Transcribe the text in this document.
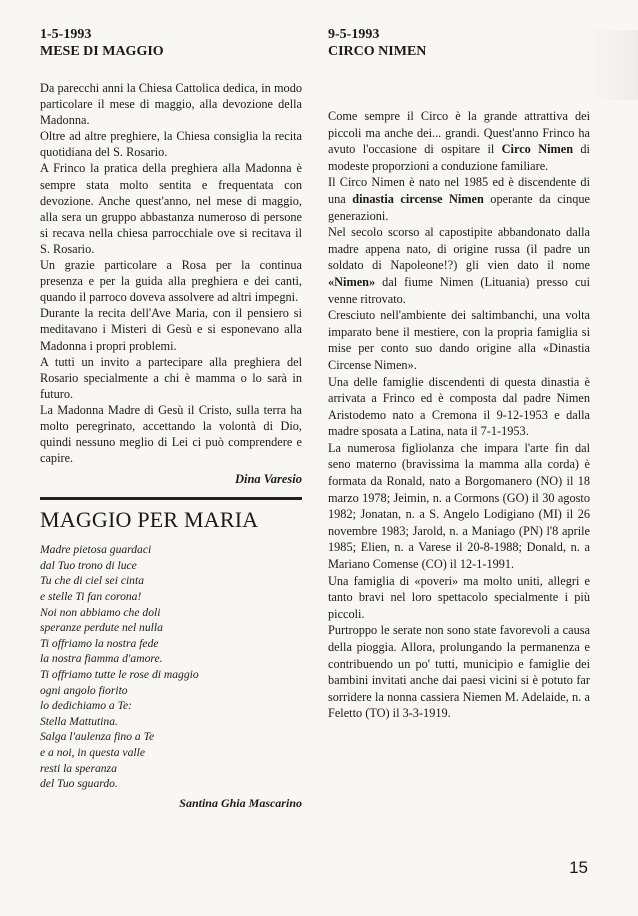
1-5-1993

MESE DI MAGGIO

Da parecchi anni la Chiesa Cattolica dedica, in modo particolare il mese di maggio, alla devozione della Madonna.

Oltre ad altre preghiere, la Chiesa consiglia la recita quotidiana del S. Rosario.

A Frinco la pratica della preghiera alla Madonna è sempre stata molto sentita e frequentata con devozione. Anche quest'anno, nel mese di maggio, alla sera un gruppo abbastanza numeroso di persone si recava nella chiesa parrocchiale ove si recitava il S. Rosario.

Un grazie particolare a Rosa per la continua presenza e per la guida alla preghiera e dei canti, quando il parroco doveva assolvere ad altri impegni.

Durante la recita dell'Ave Maria, con il pensiero si meditavano i Misteri di Gesù e si esponevano alla Madonna i propri problemi.

A tutti un invito a partecipare alla preghiera del Rosario specialmente a chi è mamma o lo sarà in futuro.

La Madonna Madre di Gesù il Cristo, sulla terra ha molto peregrinato, accettando la volontà di Dio, quindi nessuno meglio di Lei ci può comprendere e capire.

Dina Varesio

MAGGIO PER MARIA

Madre pietosa guardaci

dal Tuo trono di luce

Tu che di ciel sei cinta

e stelle Ti fan corona!

Noi non abbiamo che doli

speranze perdute nel nulla

Ti offriamo la nostra fede

la nostra fiamma d'amore.

Ti offriamo tutte le rose di maggio

ogni angolo fiorito

lo dedichiamo a Te:

Stella Mattutina.

Salga l'aulenza fino a Te

e a noi, in questa valle

resti la speranza

del Tuo sguardo.

Santina Ghia Mascarino

9-5-1993

CIRCO NIMEN

Come sempre il Circo è la grande attrattiva dei piccoli ma anche dei... grandi. Quest'anno Frinco ha avuto l'occasione di ospitare il Circo Nimen di modeste proporzioni a conduzione familiare.

Il Circo Nimen è nato nel 1985 ed è discendente di una dinastia circense Nimen operante da cinque generazioni.

Nel secolo scorso al capostipite abbandonato dalla madre appena nato, di origine russa (il padre un soldato di Napoleone!?) gli vien dato il nome «Nimen» dal fiume Nimen (Lituania) presso cui venne ritrovato.

Cresciuto nell'ambiente dei saltimbanchi, una volta imparato bene il mestiere, con la propria famiglia si mise per conto suo dando origine alla «Dinastia Circense Nimen».

Una delle famiglie discendenti di questa dinastia è arrivata a Frinco ed è composta dal padre Nimen Aristodemo nato a Cremona il 9-12-1953 e dalla madre sposata a Latina, nata il 7-1-1953.

La numerosa figliolanza che impara l'arte fin dal seno materno (bravissima la mamma alla corda) è formata da Ronald, nato a Borgomanero (NO) il 18 marzo 1978; Jeimin, n. a Cormons (GO) il 30 agosto 1982; Jonatan, n. a S. Angelo Lodigiano (MI) il 26 novembre 1983; Jarold, n. a Maniago (PN) l'8 aprile 1985; Elien, n. a Varese il 20-8-1988; Donald, n. a Mariano Comense (CO) il 12-1-1991.

Una famiglia di «poveri» ma molto uniti, allegri e tanto bravi nel loro spettacolo specialmente i più piccoli.

Purtroppo le serate non sono state favorevoli a causa della pioggia. Allora, prolungando la permanenza e contribuendo un po' tutti, municipio e famiglie dei bambini invitati anche dai paesi vicini si è potuto far sorridere la nonna cassiera Niemen M. Adelaide, n. a Feletto (TO) il 3-3-1919.

15
